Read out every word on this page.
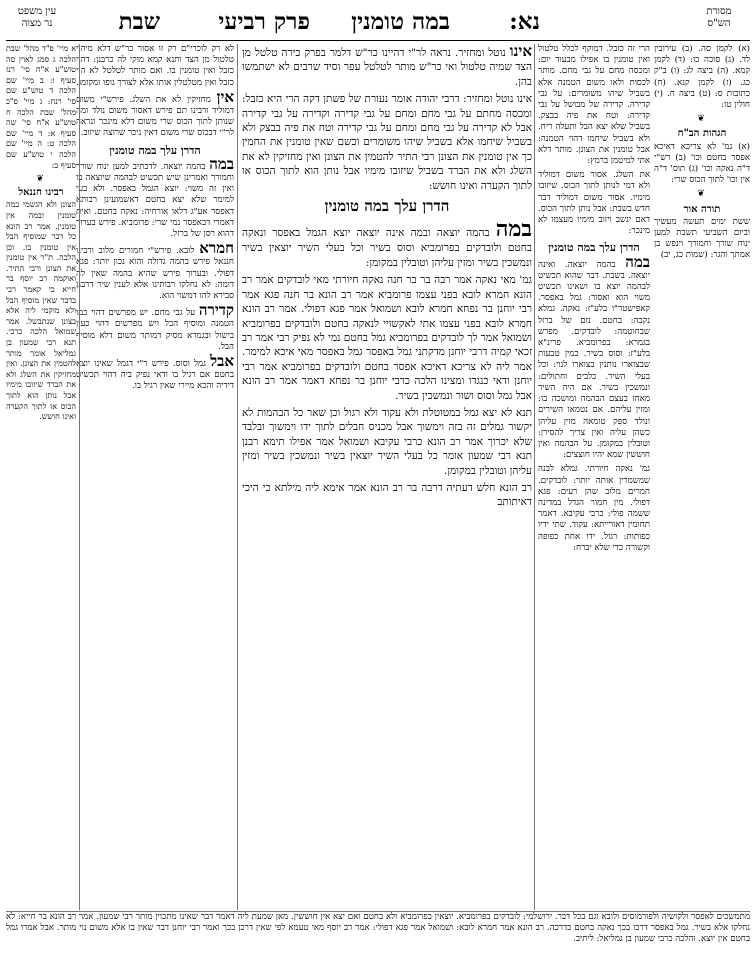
מסורת
הש"ס
נא:
במה טומנין
פרק רביעי
שבת
עין משפט
נר מצוה

(א) לקמן סה. (ב) עירובין לד. (ג) סוכה כו: (ד) לקמן קמא. (ה) ביצה לג: (ו) ב"ק כג. (ז) לקמן קנא. (ח) כתובות ס: (ט) ביצה ח. (י) חולין טו:

❦
הגהות הב"ח

(א) גמ' לא צריכא דאיכא אפסר בחטם וכו' (ב) רש"י ד"ה נאקה וכו' (ג) תוס' ד"ה אין וכו' לתוך הכוס שרי:

❦
תורה אור

ששת ימים תעשה מעשיך וביום השביעי תשבת למען ינוח שורך וחמורך וינפש בן אמתך והגר: (שמות כג, יב)

הרי זה כזבל. דמוקף לכלל טלטול ואין טומנין בו אפילו מבעוד יום: ומכסה מחם על גבי מחם. מותר לכסות ולאו משום הטמנה אלא בשביל שיהו משומרים: על גבי קדירה. קדירה של מבושל על גבי קדירה: וטח את פיה בבצק. בשביל שלא יצא הבל ותעלה ריח. ולא בשביל שיחמו דהוי הטמנה: אבל טומנין את הצונן. מותר דלא אתי למיטמן ברמץ:

את השלג. אסור משום דמוליד ולא דמי לנותן לתוך הכוס. שיזובו מימיו. אסור משום דמוליד דבר חדש בשבת: אבל נותן לתוך הכוס. דאם ינשב ויזוב מימיו מעצמו לא מינכר:

הדרן עלך במה טומנין

במה בהמה יוצאה. ואינה יוצאה. בשבת. דבר שהוא תכשיט לבהמה יוצא בו ושאינו תכשיט משוי הוא ואסור: גמל באפסר. קאפישטר"ו בלע"ז: נאקה. גמלא נקבה: בחטם. נזם של ברזל שבחוטמה: לובדקים. מפרש בגמרא: בפרומביא. פרינ"א בלע"ז: וסוס בשיר. כמין טבעות שבצוארו נותנין בצוארו לנוי: וכל בעלי השיר. כלבים וחתולים: ונמשכין בשיר. אם היה השיר מאחז בעצם הבהמה ומושכה בו: ומזין עליהם. אם נטמאו השירים ונולד ספק טומאה מזין עליהן כשהן עליה ואין צריך להסירן: וטובלין במקומן. על הבהמה ואין חוששין שמא יהיו חוצצים:

גמ' נאקה חיורתי. גמלא לבנה שמשמרין אותה יותר: לובדקים. חמרים מלוב שהן רעים: פגא דפולי. מין חמור הגדל במדינה ששמה פולי: כרבי עקיבא. דאמר תחומין דאורייתא: עקוד. שתי ידיו כפותות: רגול. ידו אחת כפופה וקשורה כדי שלא יברח:

אינו נוטל ומחזיר. נראה לר"י דהיינו כר"ש דלמר בפרק כירה טלטל מן הצד שמיה טלטול ואי כר"ש מותר לטלטל עפר וסיד שרבים לא ישתמשו בהן.

אינו נוטל ומחזיר: דרבי יהודה אומר נעורת של פשתן דקה הרי היא כזבל: ומכסה מחתם על גבי מחם ומחם על גבי קדירה וקדירה על גבי קדירה אבל לא קדירה על גבי מחם ומחם על גבי קדירה וטח את פיה בבצק ולא בשביל שיחמו אלא בשביל שיהו משומרים וכשם שאין טומנין את החמין כך אין טומנין את הצונן רבי התיר להטמין את הצונן ואין מחזיקין לא את השלג ולא את הברד בשביל שיזובו מימיו אבל נותן הוא לתוך הכוס או לתוך הקערה ואינו חושש:

הדרן עלך במה טומנין

במה בהמה יוצאה ובמה אינה יוצאה יוצא הגמל באפסר ונאקה בחטם ולובדקים בפרומביא וסוס בשיר וכל בעלי השיר יוצאין בשיר ונמשכין בשיר ומזין עליהן וטובלין במקומן:

גמ' מאי נאקה אמר רבה בר בר חנה נאקה חיורתי מאי לובדקים אמר רב הונא חמרא לובא בפני עצמו פרומביא אמר רב הונא בר חנה פגא אמר רבי יוחנן בר נפחא חמרא לובא ושמואל אמר פגא דפולי. אמר רב הונא חמרא לובא בפני עצמו אתי לאקשויי לנאקה בחטם ולובדקים בפרומביא ושמואל אמר לך לובדקים בפרומביא גמל בחטם נמי לא נפיק רבי אמר רב זכאי קמיה דרבי יוחנן מדקתני גמל באפסר גמל באפסר מאי איכא למימר. אמר ליה לא צריכא דאיכא אפסר בחטם ולובדקים בפרומביא אמר רבי יוחנן ודאי כנגדו ומצינו הלכה כרבי יוחנן בר נפחא דאמר אמר רב הונא אבל גמל וסוס ושור ונמשכין בשיר.

תנא לא יצא גמל במטוטלת ולא עקוד ולא רגול וכן שאר כל הבהמות לא יקשור גמלים זה בזה וימשוך אבל מכניס חבלים לתוך ידו וימשוך ובלבד שלא יכרוך אמר רב הונא כרבי עקיבא ושמואל אמר אפילו תימא רבנן תנא רבי שמעון אומר כל בעלי השיר יוצאין בשיר ונמשכין בשיר ומזין עליהן וטובלין במקומן.

רב הונא חלש דעתיה דרבה בר רב הונא אמר אימא ליה מילתא כי היכי דאיתותב

לא רק לוכרי"ם רק זו אסור כר"ש דלא מיהוי טלטול מן הצד ותנא קמא מוקי לה כרבנן: דהוי כזבל ואין טומנין בו. ואם מותר לטלטל לא הוי כזבל ואין מטלטלין אותו אלא לצורך גופו ומקומו.

אין מחזיקין לא את השלג. פירש"י משום דמוליד ורבינו תם פירש דאסור משום נולד ומה שנותן לתוך הכוס שרי משום דלא מינכר ונראה לר"י דבכוס שרי משום דאין ניכר שרוצה שיזוב.

הדרן עלך במה טומנין

במה בהמה יוצאה. לדכתיב למען ינוח שורך וחמורך ואמרינן שיש תכשיט לבהמה שיוצאה בו ואין זה משוי: יוצא הגמל באפסר. ולא בעי למימר שלא יצא בחטם דאשמועינן רבותא דאפסר אע"ג דלאו אורחיה: נאקה בחטם. ואית דאמרי דבאפסר נמי שרי: פרומביא. פירש בערוך דהוא רסן של ברזל.

חמרא לובא. פירש"י חמורים מלוב ורבינו חננאל פירש בהמה גדולה והוא נכון יותר: פגא דפולי. ובערוך פירש שהיא בהמה שאין לה דומה: לא נחלקו רבותינו אלא לענין שיר דרבנן סבירא להו דמשוי הוא.

קדירה על גבי מחם. יש מפרשים דהוי כמו הטמנה ומוסיף הבל ויש מפרשים דהוי כעין בישול ובגמרא מסיק דמותר משום דלא מוסיף הבל.

אבל גמל וסוס. פירש ר"י דגמל שאינו יוצא בחטם אם רגיל בו ודאי נפיק ביה דהוי תכשיט דידיה והכא מיירי שאין רגיל בו.

א מיי' פ"ד מהל' שבת הלכה ג סמג לאוין סה טוש"ע א"ח סי' רנז סעיף ו: ב מיי' שם הלכה ד טוש"ע שם סי' רנח: ג מיי' פ"כ מהל' שבת הלכה ח טוש"ע א"ח סי' שה סעיף א: ד מיי' שם הלכה ט: ה מיי' שם הלכה י טוש"ע שם סעיף ב:

❦
רבינו חננאל

הצונן ולא הגשמי במה טומנין ובמה אין טומנין. אמר רב הונא כל דבר שמוסיף הבל אין טומנין בו. וכן הלכה. ת"ר אין טומנין את הצונן ורבי התיר. ואוקמה רב יוסף בר חייא כי קאמר רבי בדבר שאין מוסיף הבל ולא מוקמי ליה אלא בצונן שנתבשל. אמר שמואל הלכה כרבי. תנא רבי שמעון בן גמליאל אומר מותר להטמין את הצונן. ואין מחזיקין את השלג ולא את הברד שיזובו מימיו אבל נותן הוא לתוך הכוס או לתוך הקערה ואינו חושש.

מתמשכים לאפסר ולקושיה ולפורמוסים ולובא וגם בכל דבר. ירושלמי: לובדקים בפרומביא. יוצאין בפרומביא ולא בחטם ואם יצא אין חוששין. מאן שמעת ליה דאמר דבר שאינו מתכוין מותר רבי שמעון. אמר רב הונא בר חייא: לא נחלקו אלא בשיר. גמל באפסר דרכו בכך נאקה בחטם כדרכה. רב הונא אמר חמרא לובא: ושמואל אמר פגא דפולי: אמר רב יוסף מאי טעמא לפי שאין דרכן בכך ואמר רבי יוחנן דבר שאין בו אלא משום נוי מותר. אבל אמרו גמל בחטם אין יוצא. והלכה כרבי שמעון בן גמליאל: ליתיב.
